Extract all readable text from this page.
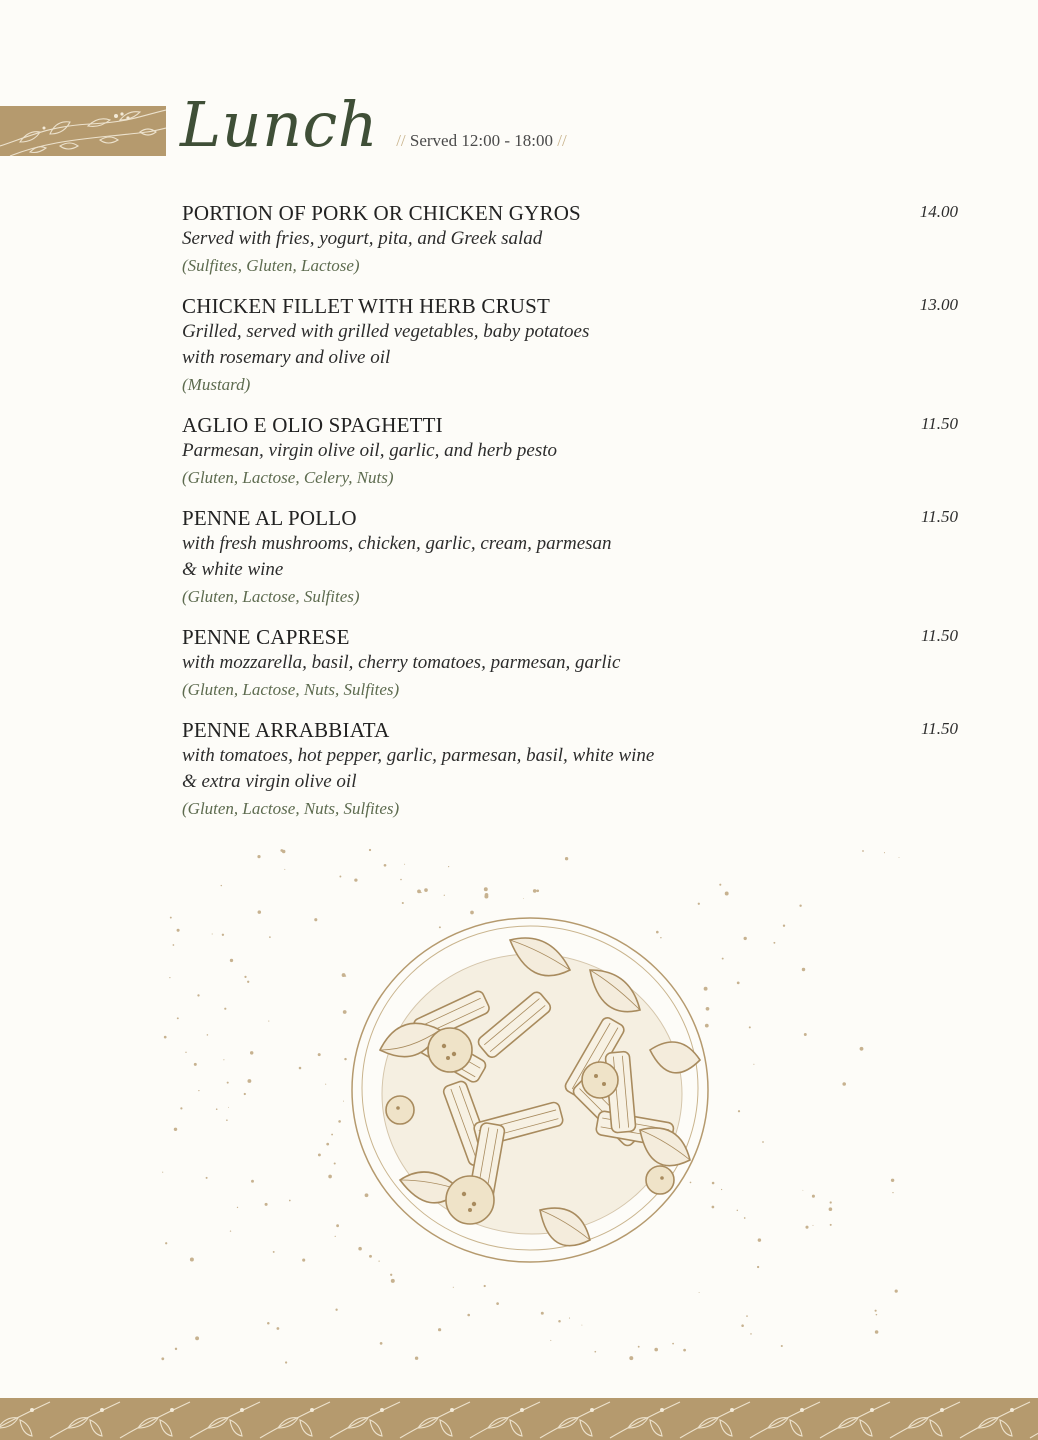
Lunch // Served 12:00 - 18:00 //
PORTION OF PORK OR CHICKEN GYROS	14.00
Served with fries, yogurt, pita, and Greek salad
(Sulfites, Gluten, Lactose)
CHICKEN FILLET WITH HERB CRUST	13.00
Grilled, served with grilled vegetables, baby potatoes
with rosemary and olive oil
(Mustard)
AGLIO E OLIO SPAGHETTI	11.50
Parmesan, virgin olive oil, garlic, and herb pesto
(Gluten, Lactose, Celery, Nuts)
PENNE AL POLLO	11.50
with fresh mushrooms, chicken, garlic, cream, parmesan
& white wine
(Gluten, Lactose, Sulfites)
PENNE CAPRESE	11.50
with mozzarella, basil, cherry tomatoes, parmesan, garlic
(Gluten, Lactose, Nuts, Sulfites)
PENNE ARRABBIATA	11.50
with tomatoes, hot pepper, garlic, parmesan, basil, white wine
& extra virgin olive oil
(Gluten, Lactose, Nuts, Sulfites)
